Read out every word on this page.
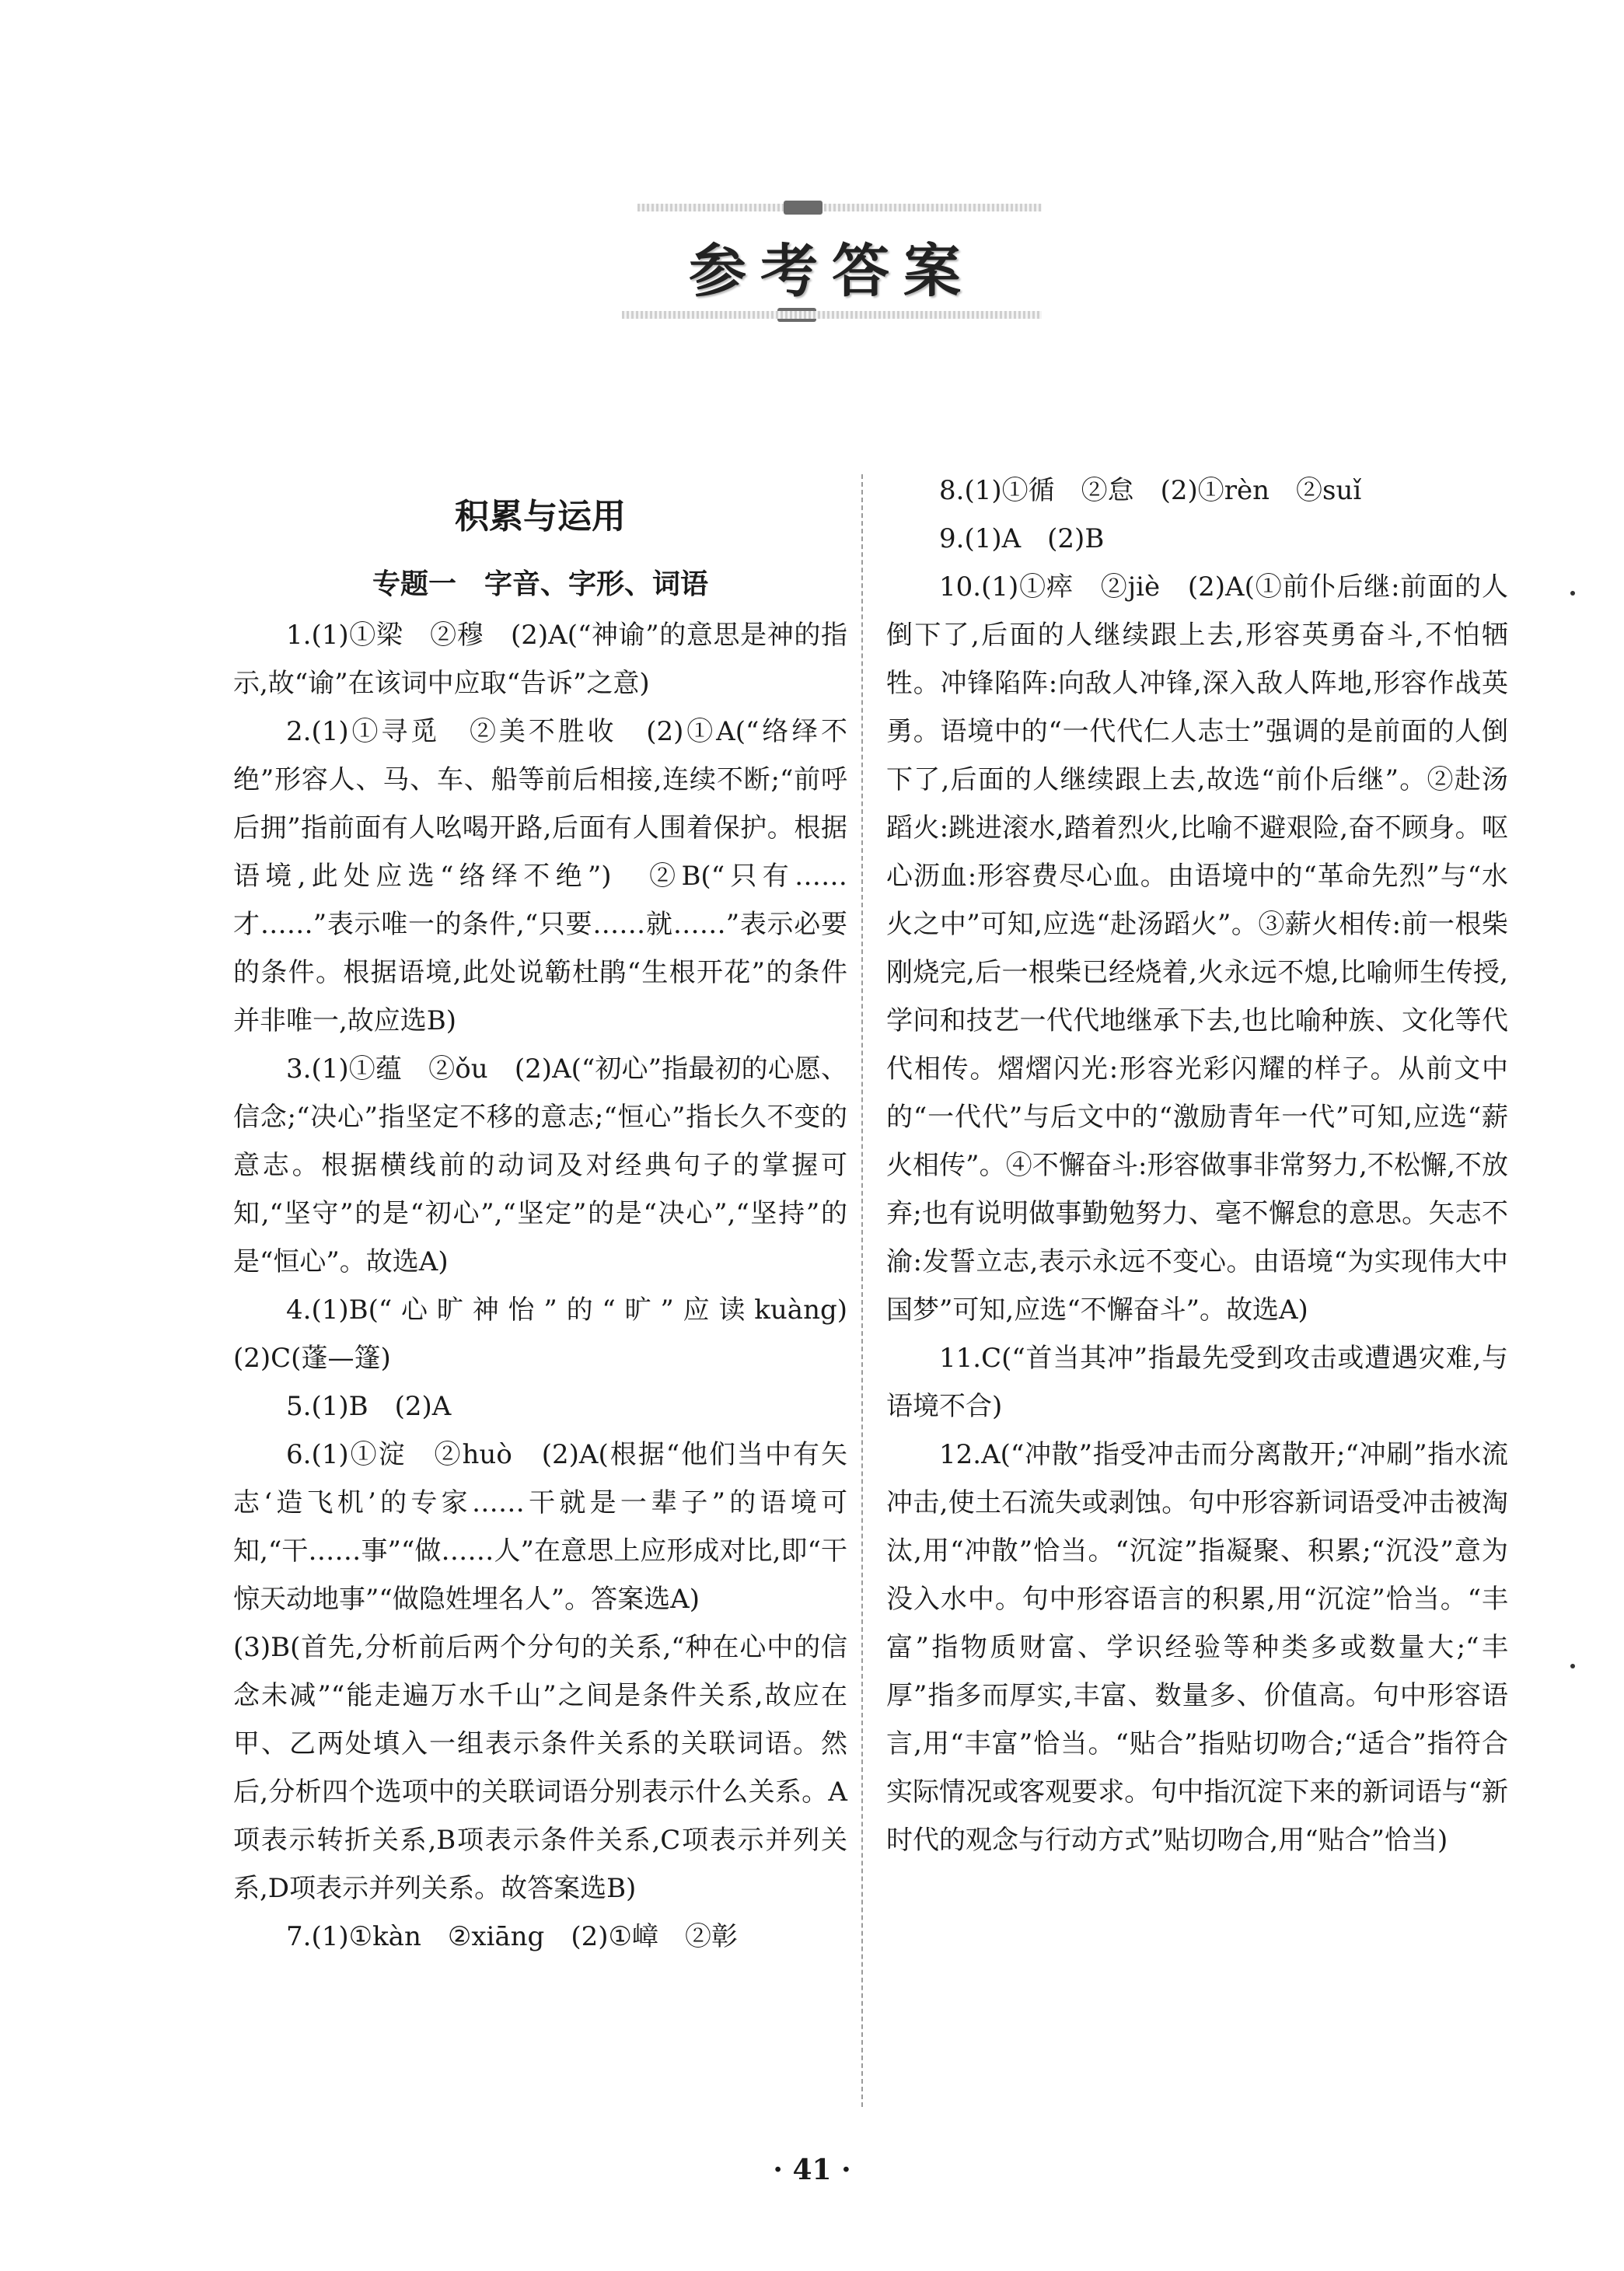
参考答案
积累与运用
专题一　字音、字形、词语

1.(1)①梁　②穆　(2)A(“神谕”的意思是神的指示,故“谕”在该词中应取“告诉”之意)

2.(1)①寻觅　②美不胜收　(2)①A(“络绎不绝”形容人、马、车、船等前后相接,连续不断;“前呼后拥”指前面有人吆喝开路,后面有人围着保护。根据语境,此处应选“络绎不绝”)　②B(“只有……才……”表示唯一的条件,“只要……就……”表示必要的条件。根据语境,此处说簕杜鹃“生根开花”的条件并非唯一,故应选B)

3.(1)①蕴　②ǒu　(2)A(“初心”指最初的心愿、信念;“决心”指坚定不移的意志;“恒心”指长久不变的意志。根据横线前的动词及对经典句子的掌握可知,“坚守”的是“初心”,“坚定”的是“决心”,“坚持”的是“恒心”。故选A)

4.(1)B(“心旷神怡”的“旷”应读kuàng)　(2)C(蓬—篷)

5.(1)B　(2)A

6.(1)①淀　②huò　(2)A(根据“他们当中有矢志‘造飞机’的专家……干就是一辈子”的语境可知,“干……事”“做……人”在意思上应形成对比,即“干惊天动地事”“做隐姓埋名人”。答案选A)

(3)B(首先,分析前后两个分句的关系,“种在心中的信念未减”“能走遍万水千山”之间是条件关系,故应在甲、乙两处填入一组表示条件关系的关联词语。然后,分析四个选项中的关联词语分别表示什么关系。A项表示转折关系,B项表示条件关系,C项表示并列关系,D项表示并列关系。故答案选B)

7.(1)①kàn　②xiāng　(2)①嶂　②彰

8.(1)①循　②怠　(2)①rèn　②suǐ

9.(1)A　(2)B

10.(1)①瘁　②jiè　(2)A(①前仆后继:前面的人倒下了,后面的人继续跟上去,形容英勇奋斗,不怕牺牲。冲锋陷阵:向敌人冲锋,深入敌人阵地,形容作战英勇。语境中的“一代代仁人志士”强调的是前面的人倒下了,后面的人继续跟上去,故选“前仆后继”。②赴汤蹈火:跳进滚水,踏着烈火,比喻不避艰险,奋不顾身。呕心沥血:形容费尽心血。由语境中的“革命先烈”与“水火之中”可知,应选“赴汤蹈火”。③薪火相传:前一根柴刚烧完,后一根柴已经烧着,火永远不熄,比喻师生传授,学问和技艺一代代地继承下去,也比喻种族、文化等代代相传。熠熠闪光:形容光彩闪耀的样子。从前文中的“一代代”与后文中的“激励青年一代”可知,应选“薪火相传”。④不懈奋斗:形容做事非常努力,不松懈,不放弃;也有说明做事勤勉努力、毫不懈怠的意思。矢志不渝:发誓立志,表示永远不变心。由语境“为实现伟大中国梦”可知,应选“不懈奋斗”。故选A)

11.C(“首当其冲”指最先受到攻击或遭遇灾难,与语境不合)

12.A(“冲散”指受冲击而分离散开;“冲刷”指水流冲击,使土石流失或剥蚀。句中形容新词语受冲击被淘汰,用“冲散”恰当。“沉淀”指凝聚、积累;“沉没”意为没入水中。句中形容语言的积累,用“沉淀”恰当。“丰富”指物质财富、学识经验等种类多或数量大;“丰厚”指多而厚实,丰富、数量多、价值高。句中形容语言,用“丰富”恰当。“贴合”指贴切吻合;“适合”指符合实际情况或客观要求。句中指沉淀下来的新词语与“新时代的观念与行动方式”贴切吻合,用“贴合”恰当)

· 41 ·
